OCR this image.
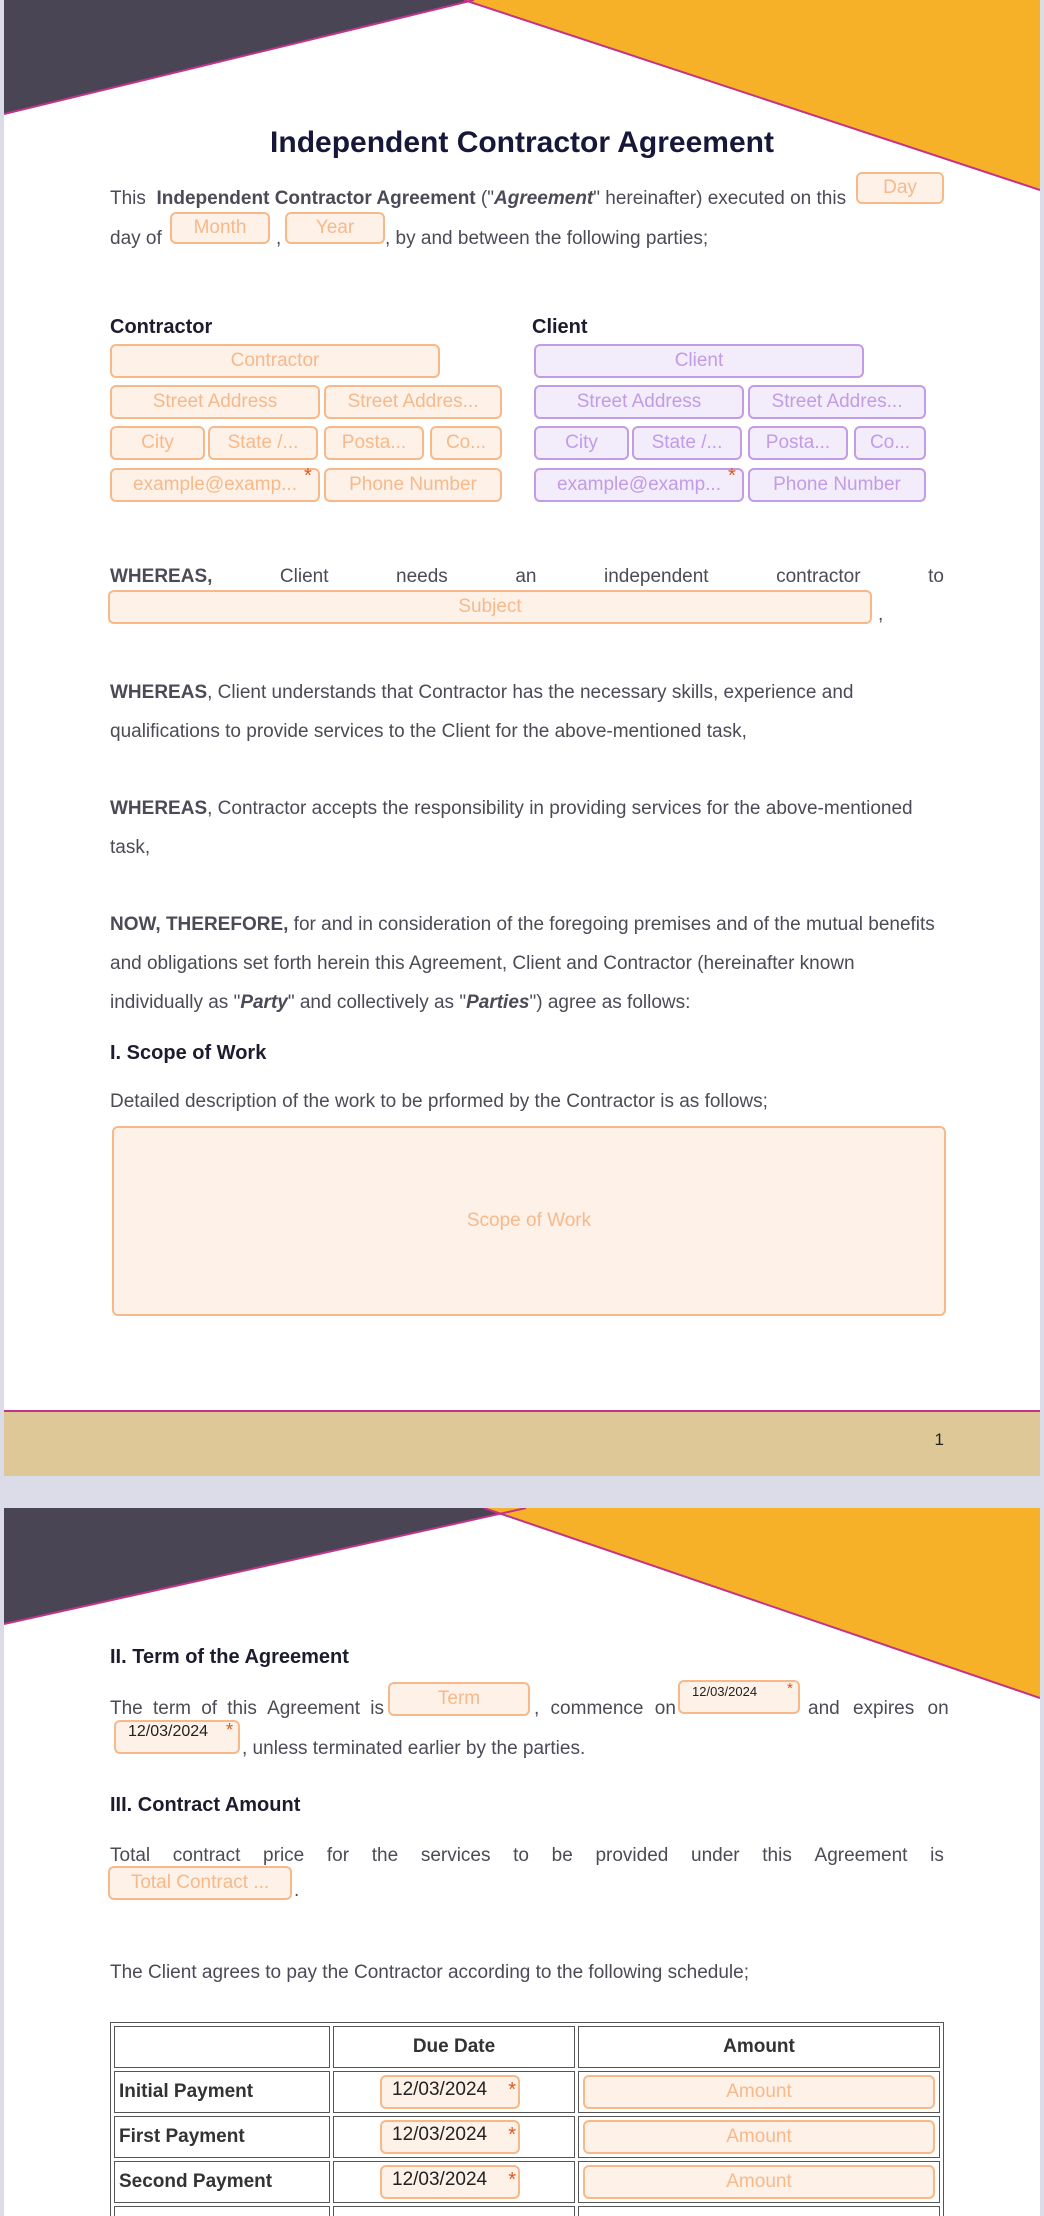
Independent Contractor Agreement
This Independent Contractor Agreement ("Agreement" hereinafter) executed on this
Day
day of
Month
,
Year
, by and between the following parties;
Contractor	Client
Contractor
Street Address	Street Addres...
City	State /...	Posta...	Co...
example@examp... *	Phone Number
Client
Street Address	Street Addres...
City	State /...	Posta...	Co...
example@examp... *	Phone Number
WHEREAS,	Client	needs	an	independent	contractor	to
Subject	,
WHEREAS, Client understands that Contractor has the necessary skills, experience and
qualifications to provide services to the Client for the above-mentioned task,
WHEREAS, Contractor accepts the responsibility in providing services for the above-mentioned
task,
NOW, THEREFORE, for and in consideration of the foregoing premises and of the mutual benefits
and obligations set forth herein this Agreement, Client and Contractor (hereinafter known
individually as "Party" and collectively as "Parties") agree as follows:
I. Scope of Work
Detailed description of the work to be prformed by the Contractor is as follows;
Scope of Work
1
II. Term of the Agreement
The term of this Agreement is	Term	, commence on
12/03/2024	*
and expires on
12/03/2024 *
, unless terminated earlier by the parties.
III. Contract Amount
Total contract price for the services to be provided under this Agreement is
Total Contract ...	.
The Client agrees to pay the Contractor according to the following schedule;
	Due Date	Amount
Initial Payment	12/03/2024 *	Amount

First Payment	12/03/2024 *	Amount

Second Payment	12/03/2024 *	Amount
